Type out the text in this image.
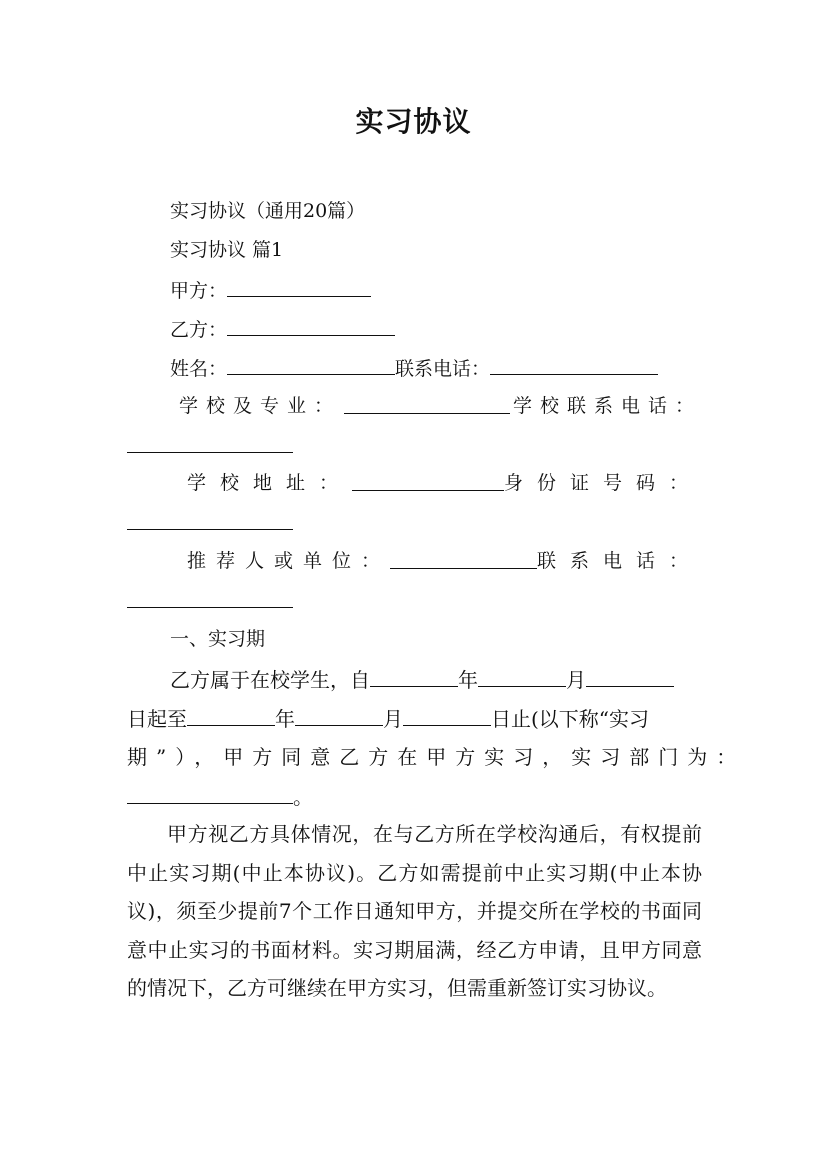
实习协议
实习协议（通用20篇）
实习协议 篇1
甲方：
乙方：
姓名：	联系电话：
学校及专业：	学校联系电话：
学校地址：	身份证号码：
推荐人或单位：	联系电话：
一、实习期
乙方属于在校学生，自	年	月
日起至	年	月	日止(以下称“实习
期”），甲方同意乙方在甲方实习，实习部门为：
。
甲方视乙方具体情况，在与乙方所在学校沟通后，有权提前中止实习期(中止本协议)。乙方如需提前中止实习期(中止本协议)，须至少提前7个工作日通知甲方，并提交所在学校的书面同意中止实习的书面材料。实习期届满，经乙方申请，且甲方同意的情况下，乙方可继续在甲方实习，但需重新签订实习协议。
